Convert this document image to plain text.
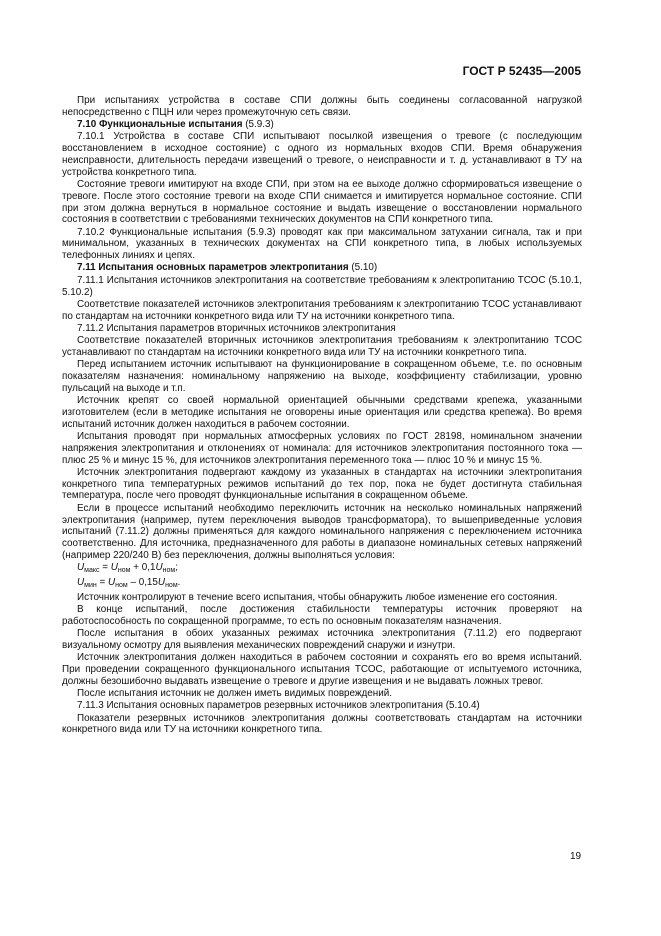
ГОСТ Р 52435—2005

При испытаниях устройства в составе СПИ должны быть соединены согласованной нагрузкой непосредственно с ПЦН или через промежуточную сеть связи.

7.10 Функциональные испытания (5.9.3)

7.10.1 Устройства в составе СПИ испытывают посылкой извещения о тревоге (с последующим восстановлением в исходное состояние) с одного из нормальных входов СПИ. Время обнаружения неисправности, длительность передачи извещений о тревоге, о неисправности и т. д. устанавливают в ТУ на устройства конкретного типа.

Состояние тревоги имитируют на входе СПИ, при этом на ее выходе должно сформироваться извещение о тревоге. После этого состояние тревоги на входе СПИ снимается и имитируется нормальное состояние. СПИ при этом должна вернуться в нормальное состояние и выдать извещение о восстановлении нормального состояния в соответствии с требованиями технических документов на СПИ конкретного типа.

7.10.2 Функциональные испытания (5.9.3) проводят как при максимальном затухании сигнала, так и при минимальном, указанных в технических документах на СПИ конкретного типа, в любых используемых телефонных линиях и цепях.

7.11 Испытания основных параметров электропитания (5.10)

7.11.1 Испытания источников электропитания на соответствие требованиям к электропитанию ТСОС (5.10.1, 5.10.2)

Соответствие показателей источников электропитания требованиям к электропитанию ТСОС устанавливают по стандартам на источники конкретного вида или ТУ на источники конкретного типа.

7.11.2 Испытания параметров вторичных источников электропитания

Соответствие показателей вторичных источников электропитания требованиям к электропитанию ТСОС устанавливают по стандартам на источники конкретного вида или ТУ на источники конкретного типа.

Перед испытанием источник испытывают на функционирование в сокращенном объеме, т.е. по основным показателям назначения: номинальному напряжению на выходе, коэффициенту стабилизации, уровню пульсаций на выходе и т.п.

Источник крепят со своей нормальной ориентацией обычными средствами крепежа, указанными изготовителем (если в методике испытания не оговорены иные ориентация или средства крепежа). Во время испытаний источник должен находиться в рабочем состоянии.

Испытания проводят при нормальных атмосферных условиях по ГОСТ 28198, номинальном значении напряжения электропитания и отклонениях от номинала: для источников электропитания постоянного тока — плюс 25 % и минус 15 %, для источников электропитания переменного тока — плюс 10 % и минус 15 %.

Источник электропитания подвергают каждому из указанных в стандартах на источники электропитания конкретного типа температурных режимов испытаний до тех пор, пока не будет достигнута стабильная температура, после чего проводят функциональные испытания в сокращенном объеме.

Если в процессе испытаний необходимо переключить источник на несколько номинальных напряжений электропитания (например, путем переключения выводов трансформатора), то вышеприведенные условия испытаний (7.11.2) должны применяться для каждого номинального напряжения с переключением источника соответственно. Для источника, предназначенного для работы в диапазоне номинальных сетевых напряжений (например 220/240 В) без переключения, должны выполняться условия:

$U_{макс} = U_{ном} + 0,1U_{ном}$;
$U_{мин} = U_{ном} - 0,15U_{ном}$.

Источник контролируют в течение всего испытания, чтобы обнаружить любое изменение его состояния.

В конце испытаний, после достижения стабильности температуры источник проверяют на работоспособность по сокращенной программе, то есть по основным показателям назначения.

После испытания в обоих указанных режимах источника электропитания (7.11.2) его подвергают визуальному осмотру для выявления механических повреждений снаружи и изнутри.

Источник электропитания должен находиться в рабочем состоянии и сохранять его во время испытаний. При проведении сокращенного функционального испытания ТСОС, работающие от испытуемого источника, должны безошибочно выдавать извещение о тревоге и другие извещения и не выдавать ложных тревог.

После испытания источник не должен иметь видимых повреждений.

7.11.3 Испытания основных параметров резервных источников электропитания (5.10.4)

Показатели резервных источников электропитания должны соответствовать стандартам на источники конкретного вида или ТУ на источники конкретного типа.

19
